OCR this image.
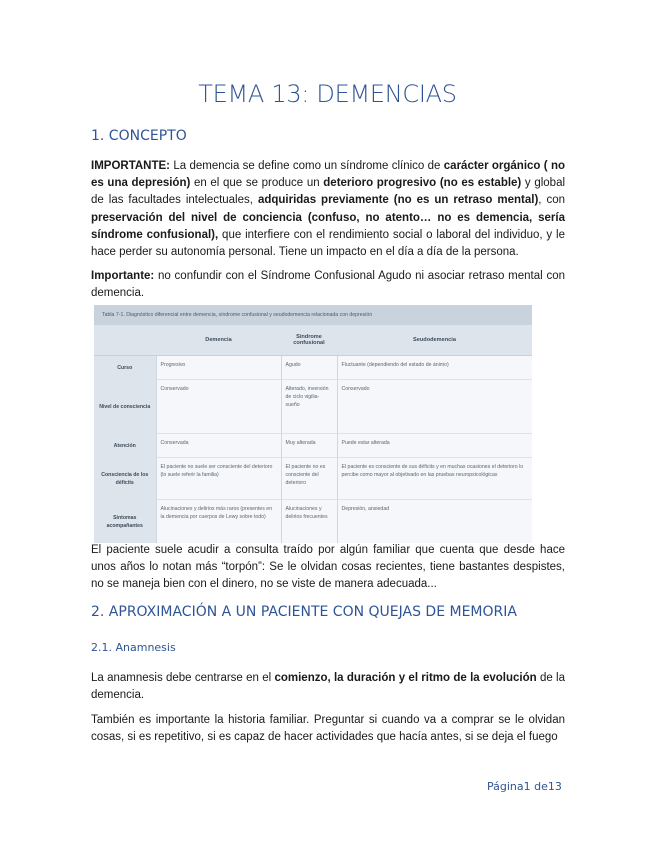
TEMA 13: DEMENCIAS
1. CONCEPTO
IMPORTANTE: La demencia se define como un síndrome clínico de carácter orgánico ( no es una depresión) en el que se produce un deterioro progresivo (no es estable) y global de las facultades intelectuales, adquiridas previamente (no es un retraso mental), con preservación del nivel de conciencia (confuso, no atento… no es demencia, sería síndrome confusional), que interfiere con el rendimiento social o laboral del individuo, y le hace perder su autonomía personal. Tiene un impacto en el día a día de la persona.
Importante: no confundir con el Síndrome Confusional Agudo ni asociar retraso mental con demencia.
Tabla 7-1. Diagnóstico diferencial entre demencia, síndrome confusional y seudodemencia relacionada con depresión
	Demencia	Síndrome confusional	Seudodemencia
Curso	Progresivo	Agudo	Fluctuante (dependiendo del estado de ánimo)
Nivel de consciencia	Conservado	Alterado, inversión de ciclo vigilia-sueño	Conservado
Atención	Conservada	Muy alterada	Puede estar alterada
Consciencia de los déficits	El paciente no suele ser consciente del deterioro (lo suele referir la familia)	El paciente no es consciente del deterioro	El paciente es consciente de sus déficits y en muchas ocasiones el deterioro lo percibe como mayor al objetivado en las pruebas neuropsicológicas
Síntomas acompañantes	Alucinaciones y delirios más raros (presentes en la demencia por cuerpos de Lewy sobre todo)	Alucinaciones y delirios frecuentes	Depresión, ansiedad
El paciente suele acudir a consulta traído por algún familiar que cuenta que desde hace unos años lo notan más “torpón”: Se le olvidan cosas recientes, tiene bastantes despistes, no se maneja bien con el dinero, no se viste de manera adecuada...
2. APROXIMACIÓN A UN PACIENTE CON QUEJAS DE MEMORIA
2.1. Anamnesis
La anamnesis debe centrarse en el comienzo, la duración y el ritmo de la evolución de la demencia.
También es importante la historia familiar. Preguntar si cuando va a comprar se le olvidan cosas, si es repetitivo, si es capaz de hacer actividades que hacía antes, si se deja el fuego
Página1 de13
